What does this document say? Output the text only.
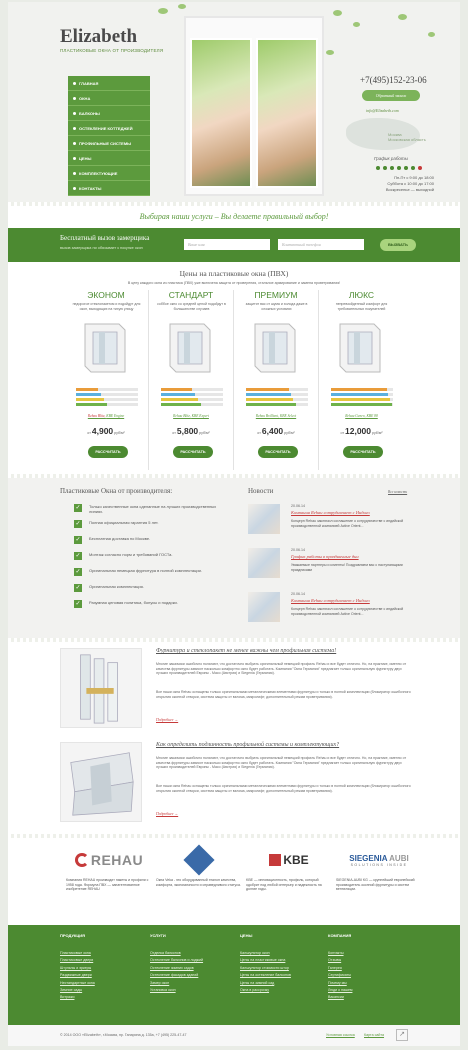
Elizabeth
ПЛАСТИКОВЫЕ ОКНА ОТ ПРОИЗВОДИТЕЛЯ
ГЛАВНАЯ
ОКНА
БАЛКОНЫ
ОСТЕКЛЕНИЕ КОТТЕДЖЕЙ
ПРОФИЛЬНЫЕ СИСТЕМЫ
ЦЕНЫ
КОМПЛЕКТУЮЩИЕ
КОНТАКТЫ
+7(495)152-23-06
Обратный звонок
info@Elizabeth.com
Москва
Московская область
График работы
Пн-Пт с 9:00 до 18:00
Суббота с 10:00 до 17:00
Воскресенье — выходной
Выбирая наши услуги – Вы делаете правильный выбор!
Бесплатный вызов замерщика
вызов замерщика ни обязывает к покупке окон
Ваше имя	Контактный телефон	ВЫЗВАТЬ
Цены на пластиковые окна (ПВХ)
В цену каждого окна из пластика (ПВХ) уже включена защита от проверения, стальное армирование и замена проветривания!
ЭКОНОМ
недорогое стеклопакетом и подойдут для окон, выходящих на тихую улицу
Rehau Blitz, KBE Engine
от 4,900 руб/м²
РАССЧИТАТЬ
СТАНДАРТ
соббое окно со средней ценой подойдут в большинстве случаев
Rehau Blitz, KBE Expert
от 5,800 руб/м²
РАССЧИТАТЬ
ПРЕМИУМ
защитят вас от шума и холода даже в сложных условиях
Rehau Brilliant, KBE Select
от 6,400 руб/м²
РАССЧИТАТЬ
ЛЮКС
непревзойденный комфорт для требовательных покупателей
Rehau Geneo, KBE 88
от 12,000 руб/м²
РАССЧИТАТЬ
Пластиковые Окна от производителя:
✓	Только качественные окна сделанные на лучших производственных линиях.
✓	Полная официальная гарантия 5 лет.
✓	Бесплатная доставка по Москве.
✓	Монтаж согласно норм и требований ГОСТа.
✓	Оригинальная немецкая фурнитура в полной комплектации.
✓	Оригинальная комплектация.
✓	Разумная ценовая политика, бонусы и подарки.
Новости	Все новости
20.06.14
Компания Rehau сотрудничает с Индиго
Концерн Rehau заключил соглашение о сотрудничестве с индийской производственной компанией Active Orient...
20.06.14
График работы в праздничные дни
Уважаемые партнеры и клиенты! Поздравляем вас с наступающими праздниками
20.06.14
Компания Rehau сотрудничает с Индиго
Концерн Rehau заключил соглашение о сотрудничестве с индийской производственной компанией Active Orient...
Фурнитура и стеклопакет не менее важны чем профильная система!
Многие заказчики ошибочно полагают, что достаточно выбрать оригинальный немецкий профиль Rehau и все будет отлично. Но, на практике, именно от качества фурнитуры зависит насколько комфортно окно будет работать. Компания "Окна Германия" предлагает только оригинальную фурнитуру двух лучших производителей Европы - Maco (Австрия) и Siegenia (Германия).
Все наши окна Rehau оснащены только оригинальными металлическими элементами фурнитуры и только в полной комплектации (блокиратор ошибочного открытия оконной створки, система защиты от взлома, микролифт, дополнительный режим проветривания).
Подробнее →
Как определить подлинность профильной системы и комплектующих?
Многие заказчики ошибочно полагают, что достаточно выбрать оригинальный немецкий профиль Rehau и все будет отлично. Но, на практике, именно от качества фурнитуры зависит насколько комфортно окно будет работать. Компания "Окна Германия" предлагает только оригинальную фурнитуру двух лучших производителей Европы - Maco (Австрия) и Siegenia (Германия).
Все наши окна Rehau оснащены только оригинальными металлическими элементами фурнитуры и только в полной комплектации (блокиратор ошибочного открытия оконной створки, система защиты от взлома, микролифт, дополнительный режим проветривания).
Подробнее →
REHAU
Компания REHAU производит пакеты и профили с 1958 года. Формула ПВХ — запатентованное изобретение REHAU
Окна Veka - это оборудованный эталон качества, комфорта, экономичности и справедливого статуса.
KBE
KBE — инновационность, профиль, который одобрит под любой интерьер и надежность на долгие годы.
SIEGENIA AUBI
SOLUTIONS INSIDE
SIEGENIA-AUBI KG — крупнейший европейский производитель оконной фурнитуры и систем вентиляции.
ПРОДУКЦИЯ
Пластиковые окна
Пластиковые двери
Штульпы и эркеры
Раздвижные двери
Нестандартные окна
Зимние сады
Витражи
УСЛУГИ
Отделка балконов
Остекление балконов и лоджий
Остекление зимних садов
Остекление фасадов зданий
Замер окон
Установка окон
ЦЕНЫ
Калькулятор окон
Цены на пластиковые окна
Калькулятор стоимости штор
Цены на остекление балконов
Цены на зимний сад
Окна в рассрочку
КОМПАНИЯ
Контакты
Отзывы
Галерея
Сертификаты
Почему мы
Люди о нашем
Вакансии
© 2014 ООО «Elizabeth», г.Москва, пр. Ганарина д. 135а, +7 (495) 225-47-47	Условная ссылка	Карта сайта	↗
